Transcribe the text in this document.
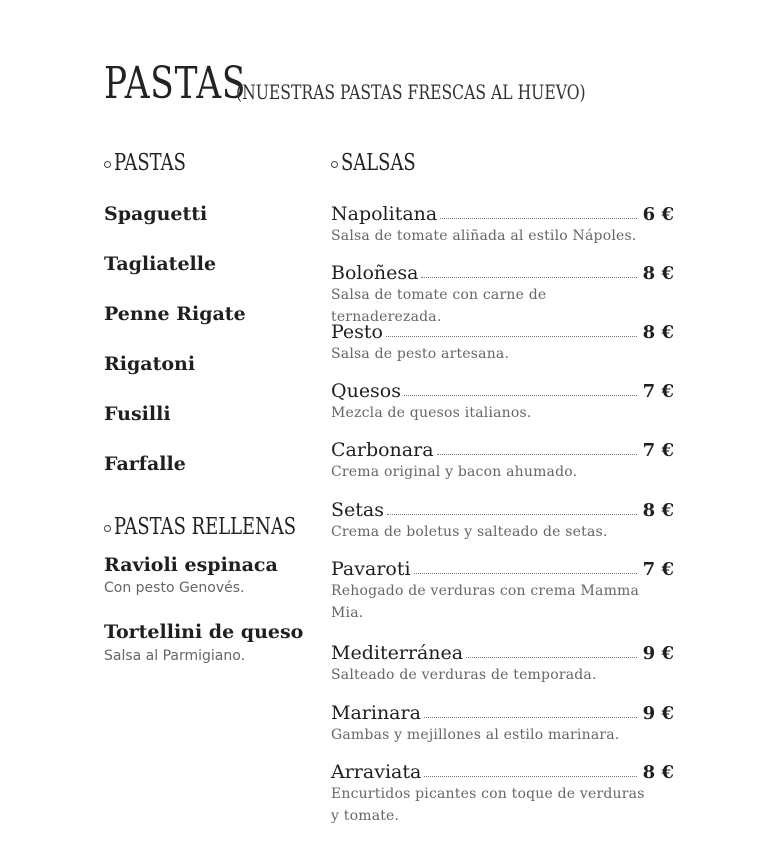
PASTAS
(NUESTRAS PASTAS FRESCAS AL HUEVO)
PASTAS
Spaguetti
Tagliatelle
Penne Rigate
Rigatoni
Fusilli
Farfalle
PASTAS RELLENAS
Ravioli espinaca
Con pesto Genovés.
Tortellini de queso
Salsa al Parmigiano.
SALSAS
Napolitana	6 €
Salsa de tomate aliñada al estilo Nápoles.
Boloñesa	8 €
Salsa de tomate con carne de ternaderezada.
Pesto	8 €
Salsa de pesto artesana.
Quesos	7 €
Mezcla de quesos italianos.
Carbonara	7 €
Crema original y bacon ahumado.
Setas	8 €
Crema de boletus y salteado de setas.
Pavaroti	7 €
Rehogado de verduras con crema Mamma Mia.
Mediterránea	9 €
Salteado de verduras de temporada.
Marinara	9 €
Gambas y mejillones al estilo marinara.
Arraviata	8 €
Encurtidos picantes con toque de verduras y tomate.
